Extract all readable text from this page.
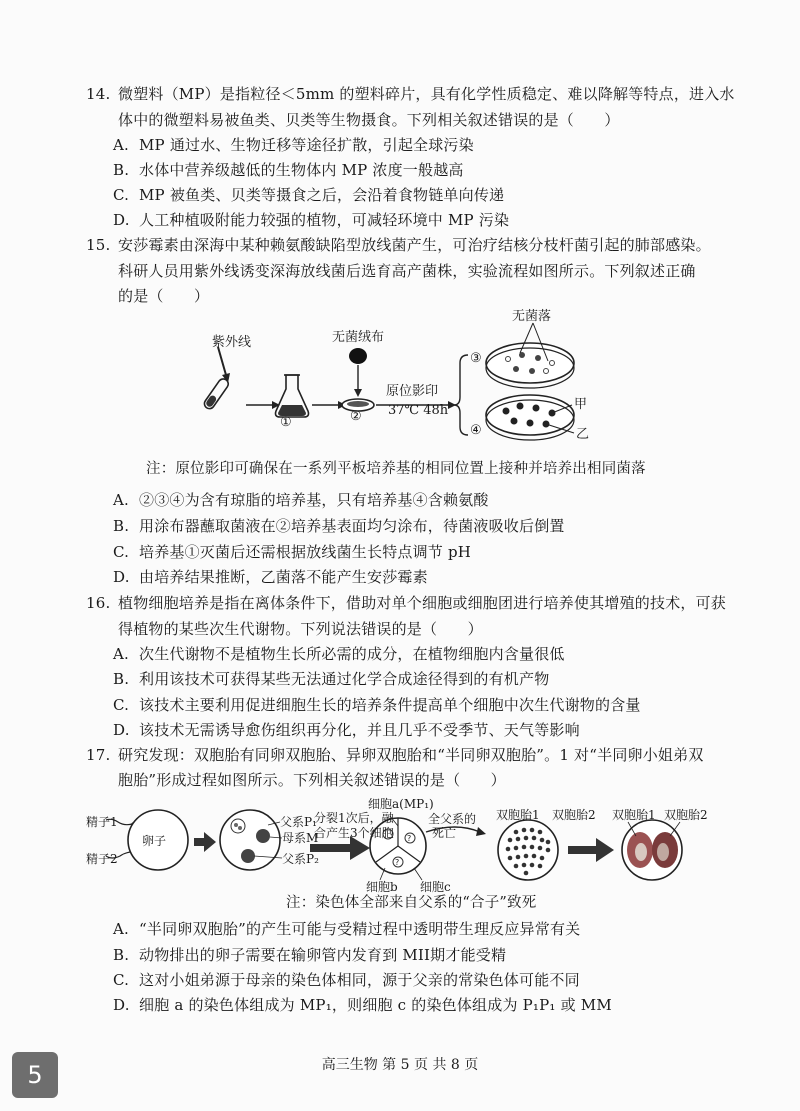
14. 微塑料（MP）是指粒径＜5mm 的塑料碎片，具有化学性质稳定、难以降解等特点，进入水
体中的微塑料易被鱼类、贝类等生物摄食。下列相关叙述错误的是（　　）
A. MP 通过水、生物迁移等途径扩散，引起全球污染
B. 水体中营养级越低的生物体内 MP 浓度一般越高
C. MP 被鱼类、贝类等摄食之后，会沿着食物链单向传递
D. 人工种植吸附能力较强的植物，可减轻环境中 MP 污染
15. 安莎霉素由深海中某种赖氨酸缺陷型放线菌产生，可治疗结核分枝杆菌引起的肺部感染。
科研人员用紫外线诱变深海放线菌后选育高产菌株，实验流程如图所示。下列叙述正确
的是（　　）
紫外线	无菌绒布
无菌落
原位影印
37℃ 48h
①	②
③
④
甲
乙
注：原位影印可确保在一系列平板培养基的相同位置上接种并培养出相同菌落
A. ②③④为含有琼脂的培养基，只有培养基④含赖氨酸
B. 用涂布器蘸取菌液在②培养基表面均匀涂布，待菌液吸收后倒置
C. 培养基①灭菌后还需根据放线菌生长特点调节 pH
D. 由培养结果推断，乙菌落不能产生安莎霉素
16. 植物细胞培养是指在离体条件下，借助对单个细胞或细胞团进行培养使其增殖的技术，可获
得植物的某些次生代谢物。下列说法错误的是（　　）
A. 次生代谢物不是植物生长所必需的成分，在植物细胞内含量很低
B. 利用该技术可获得某些无法通过化学合成途径得到的有机产物
C. 该技术主要利用促进细胞生长的培养条件提高单个细胞中次生代谢物的含量
D. 该技术无需诱导愈伤组织再分化，并且几乎不受季节、天气等影响
17. 研究发现：双胞胎有同卵双胞胎、异卵双胞胎和“半同卵双胞胎”。1 对“半同卵小姐弟双
胞胎”形成过程如图所示。下列相关叙述错误的是（　　）
?
?
精子1
精子2
卵子
父系P₁
母系M
父系P₂
分裂1次后，融
合产生3个细胞
细胞a(MP₁)
细胞b 细胞c
全父系的
死亡
双胞胎1 双胞胎2 双胞胎1 双胞胎2
注：染色体全部来自父系的“合子”致死
A. “半同卵双胞胎”的产生可能与受精过程中透明带生理反应异常有关
B. 动物排出的卵子需要在输卵管内发育到 MII期才能受精
C. 这对小姐弟源于母亲的染色体相同，源于父亲的常染色体可能不同
D. 细胞 a 的染色体组成为 MP₁，则细胞 c 的染色体组成为 P₁P₁ 或 MM
高三生物 第 5 页 共 8 页
5
